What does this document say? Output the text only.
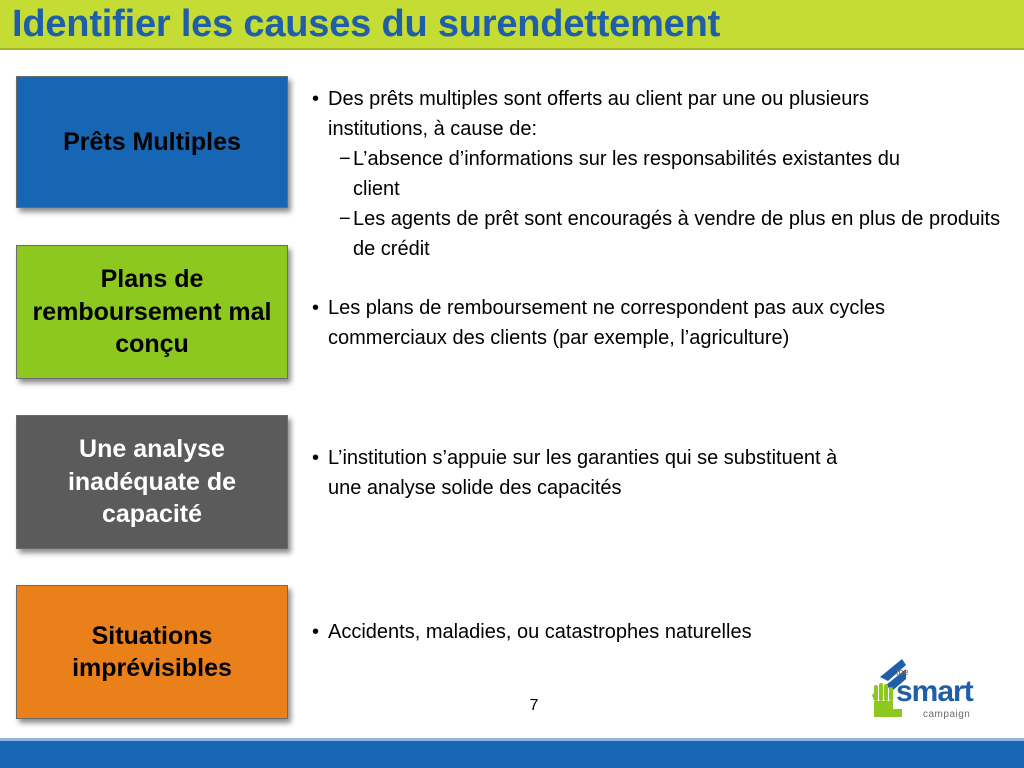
Identifier les causes du surendettement
Prêts Multiples
Plans de remboursement mal conçu
Une analyse inadéquate de capacité
Situations imprévisibles
• Des prêts multiples sont offerts au client par une ou plusieurs institutions, à cause de:
− L’absence d’informations sur les responsabilités existantes du client
− Les agents de prêt sont encouragés à vendre de plus en plus de produits de crédit
• Les plans de remboursement ne correspondent pas aux cycles commerciaux des clients (par exemple, l’agriculture)
• L’institution s’appuie sur les garanties qui se substituent à une analyse solide des capacités
• Accidents, maladies, ou catastrophes naturelles
7
the
smart
campaign
